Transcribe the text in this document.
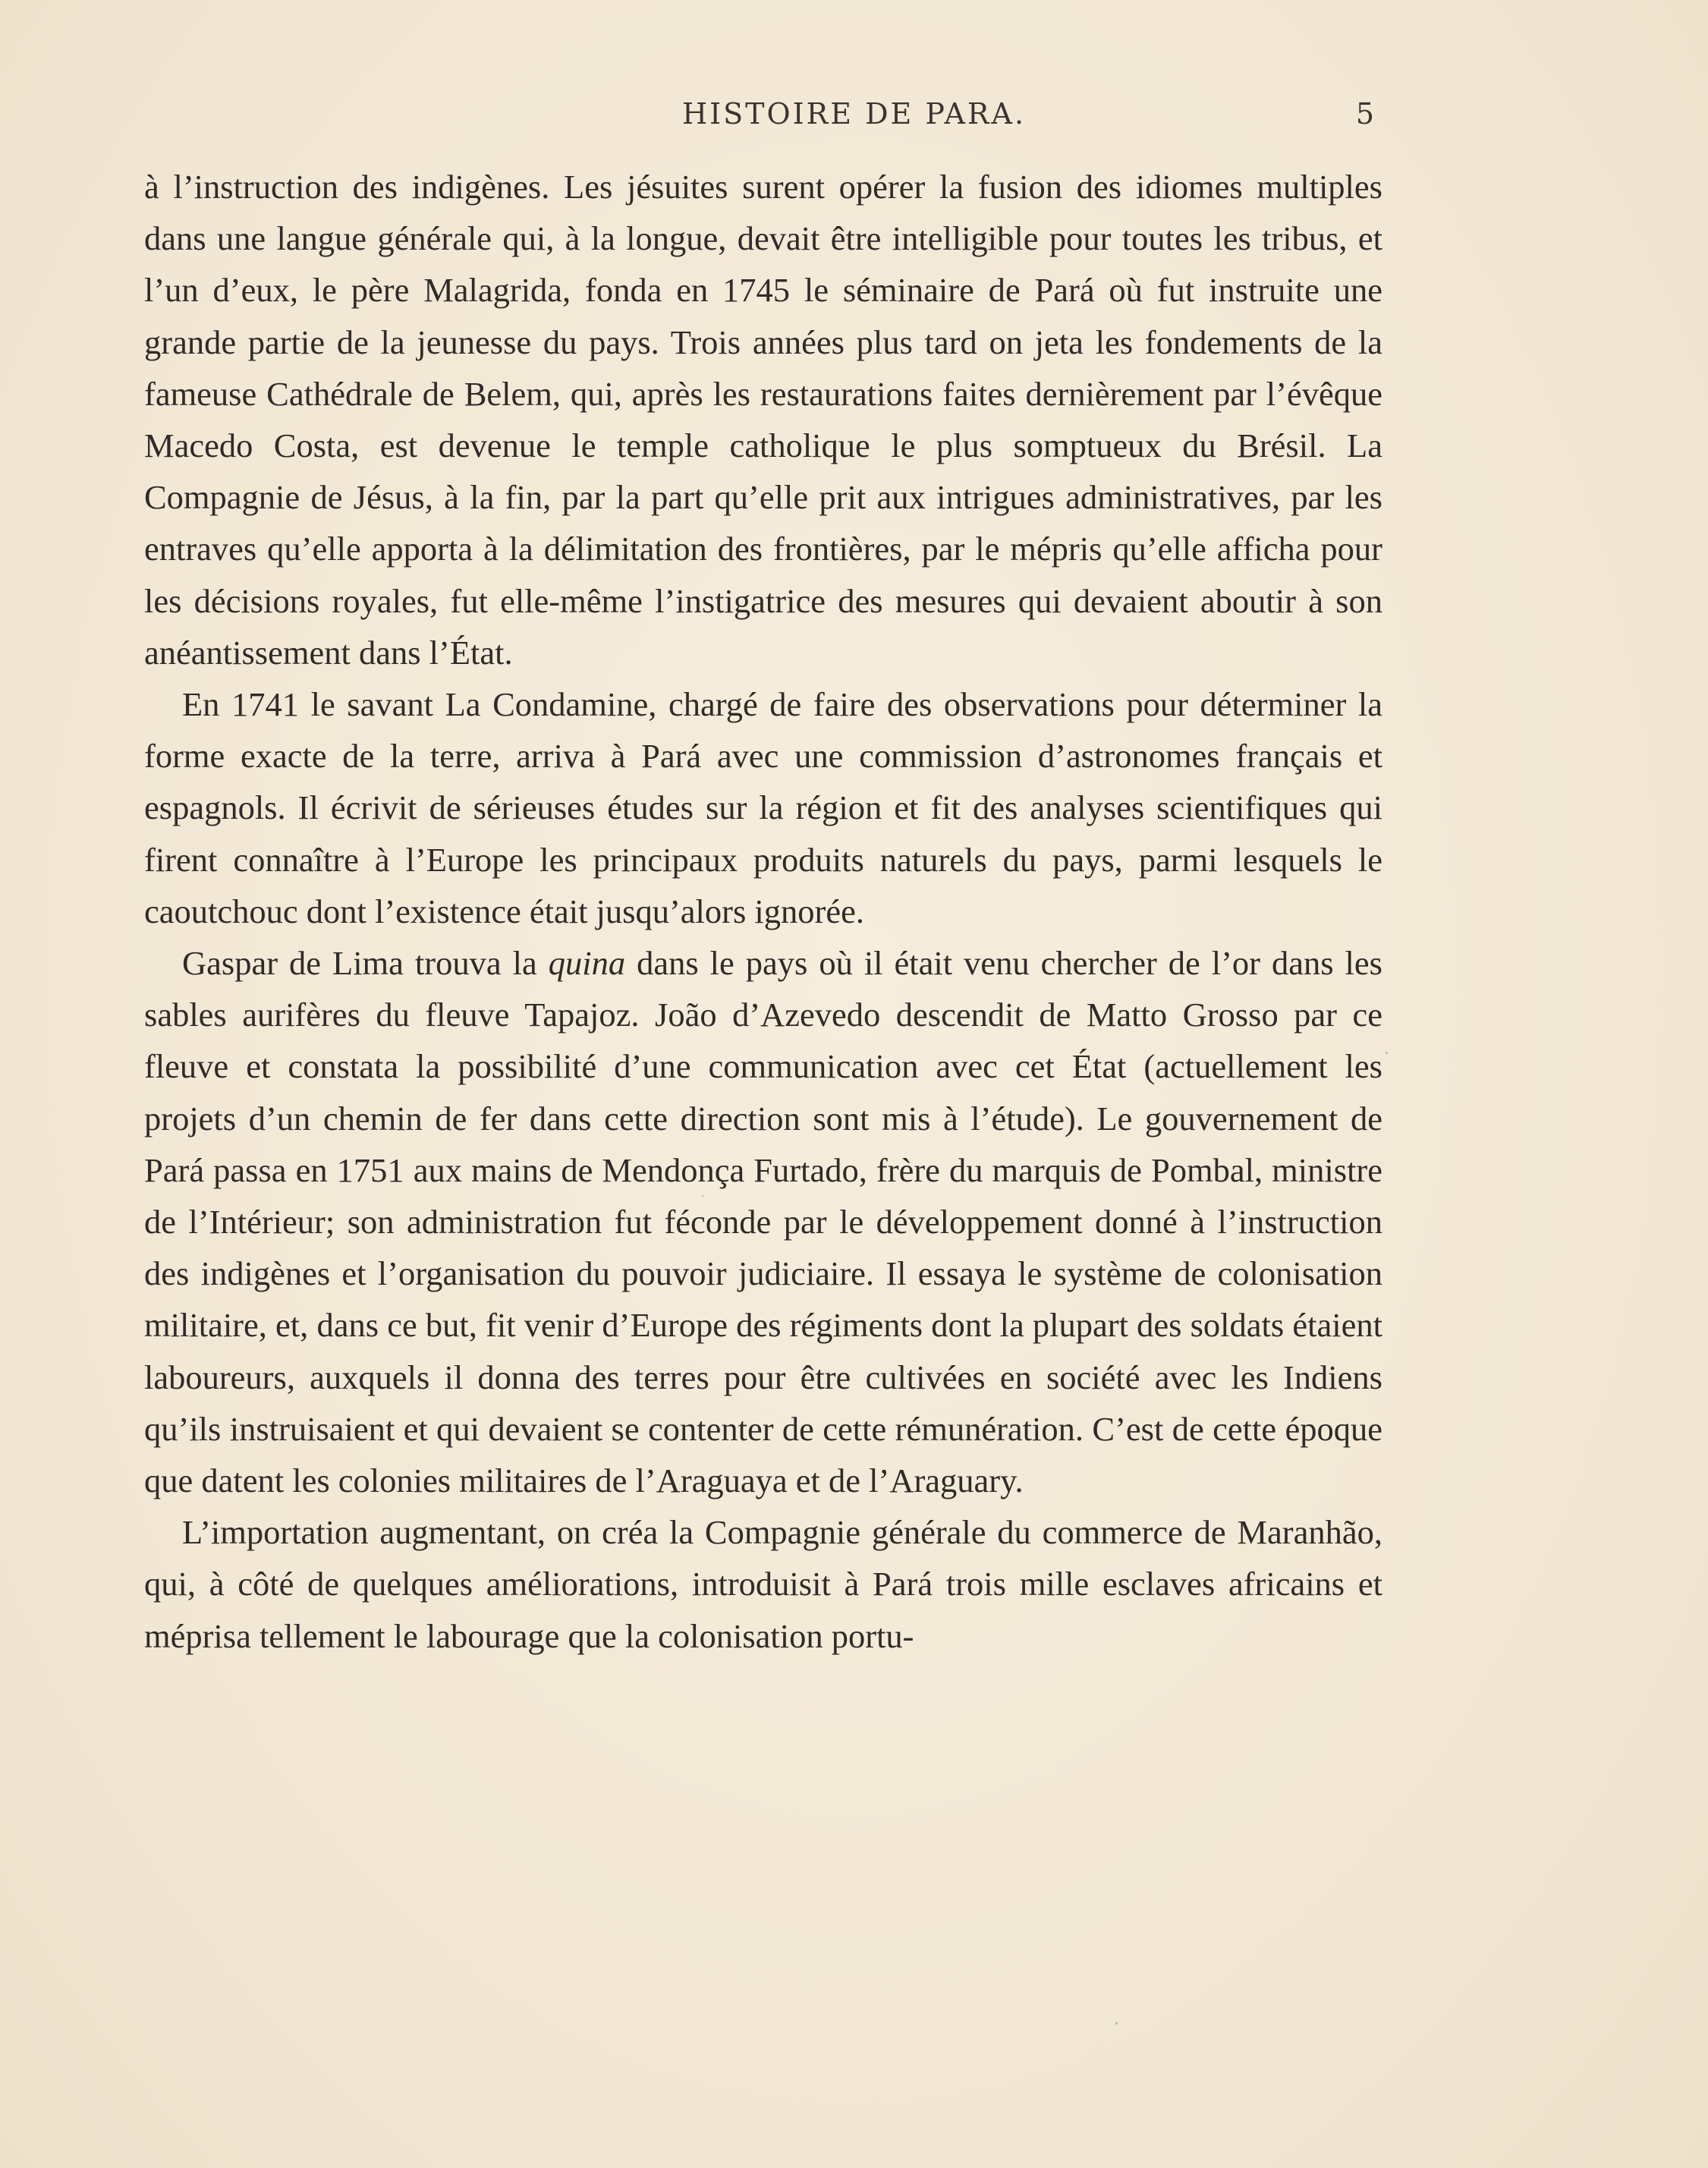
HISTOIRE DE PARA.	5

à l’instruction des indigènes. Les jésuites surent opérer la fusion des idiomes multiples dans une langue générale qui, à la longue, devait être intelligible pour toutes les tribus, et l’un d’eux, le père Malagrida, fonda en 1745 le séminaire de Pará où fut instruite une grande partie de la jeunesse du pays. Trois années plus tard on jeta les fondements de la fameuse Cathédrale de Belem, qui, après les restaurations faites dernièrement par l’évêque Macedo Costa, est devenue le temple catholique le plus somptueux du Brésil. La Compagnie de Jésus, à la fin, par la part qu’elle prit aux intrigues administratives, par les entraves qu’elle apporta à la délimitation des frontières, par le mépris qu’elle afficha pour les décisions royales, fut elle-même l’instigatrice des mesures qui devaient aboutir à son anéantissement dans l’État.

En 1741 le savant La Condamine, chargé de faire des observations pour déterminer la forme exacte de la terre, arriva à Pará avec une commission d’astronomes français et espagnols. Il écrivit de sérieuses études sur la région et fit des analyses scientifiques qui firent connaître à l’Europe les principaux produits naturels du pays, parmi lesquels le caoutchouc dont l’existence était jusqu’alors ignorée.

Gaspar de Lima trouva la quina dans le pays où il était venu chercher de l’or dans les sables aurifères du fleuve Tapajoz. João d’Azevedo descendit de Matto Grosso par ce fleuve et constata la possibilité d’une communication avec cet État (actuellement les projets d’un chemin de fer dans cette direction sont mis à l’étude). Le gouvernement de Pará passa en 1751 aux mains de Mendonça Furtado, frère du marquis de Pombal, ministre de l’Intérieur; son administration fut féconde par le développement donné à l’instruction des indigènes et l’organisation du pouvoir judiciaire. Il essaya le système de colonisation militaire, et, dans ce but, fit venir d’Europe des régiments dont la plupart des soldats étaient laboureurs, auxquels il donna des terres pour être cultivées en société avec les Indiens qu’ils instruisaient et qui devaient se contenter de cette rémunération. C’est de cette époque que datent les colonies militaires de l’Araguaya et de l’Araguary.

L’importation augmentant, on créa la Compagnie générale du commerce de Maranhão, qui, à côté de quelques améliorations, introduisit à Pará trois mille esclaves africains et méprisa tellement le labourage que la colonisation portu-
